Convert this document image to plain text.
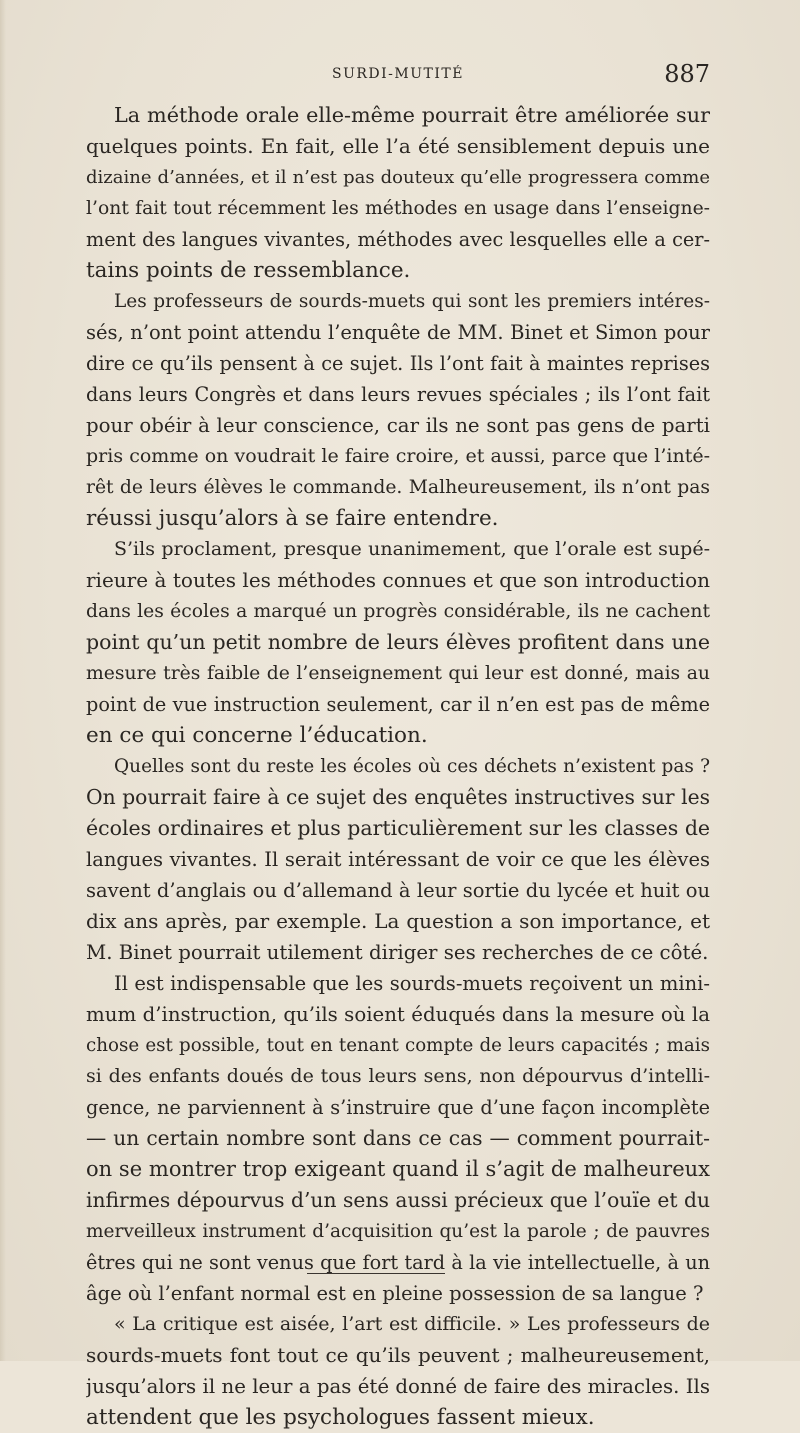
SURDI-MUTITÉ	887
La méthode orale elle-même pourrait être améliorée sur
quelques points. En fait, elle l’a été sensiblement depuis une
dizaine d’années, et il n’est pas douteux qu’elle progressera comme
l’ont fait tout récemment les méthodes en usage dans l’enseigne-
ment des langues vivantes, méthodes avec lesquelles elle a cer-
tains points de ressemblance.
Les professeurs de sourds-muets qui sont les premiers intéres-
sés, n’ont point attendu l’enquête de MM. Binet et Simon pour
dire ce qu’ils pensent à ce sujet. Ils l’ont fait à maintes reprises
dans leurs Congrès et dans leurs revues spéciales ; ils l’ont fait
pour obéir à leur conscience, car ils ne sont pas gens de parti
pris comme on voudrait le faire croire, et aussi, parce que l’inté-
rêt de leurs élèves le commande. Malheureusement, ils n’ont pas
réussi jusqu’alors à se faire entendre.
S’ils proclament, presque unanimement, que l’orale est supé-
rieure à toutes les méthodes connues et que son introduction
dans les écoles a marqué un progrès considérable, ils ne cachent
point qu’un petit nombre de leurs élèves profitent dans une
mesure très faible de l’enseignement qui leur est donné, mais au
point de vue instruction seulement, car il n’en est pas de même
en ce qui concerne l’éducation.
Quelles sont du reste les écoles où ces déchets n’existent pas ?
On pourrait faire à ce sujet des enquêtes instructives sur les
écoles ordinaires et plus particulièrement sur les classes de
langues vivantes. Il serait intéressant de voir ce que les élèves
savent d’anglais ou d’allemand à leur sortie du lycée et huit ou
dix ans après, par exemple. La question a son importance, et
M. Binet pourrait utilement diriger ses recherches de ce côté.
Il est indispensable que les sourds-muets reçoivent un mini-
mum d’instruction, qu’ils soient éduqués dans la mesure où la
chose est possible, tout en tenant compte de leurs capacités ; mais
si des enfants doués de tous leurs sens, non dépourvus d’intelli-
gence, ne parviennent à s’instruire que d’une façon incomplète
— un certain nombre sont dans ce cas — comment pourrait-
on se montrer trop exigeant quand il s’agit de malheureux
infirmes dépourvus d’un sens aussi précieux que l’ouïe et du
merveilleux instrument d’acquisition qu’est la parole ; de pauvres
êtres qui ne sont venus que fort tard à la vie intellectuelle, à un
âge où l’enfant normal est en pleine possession de sa langue ?
« La critique est aisée, l’art est difficile. » Les professeurs de
sourds-muets font tout ce qu’ils peuvent ; malheureusement,
jusqu’alors il ne leur a pas été donné de faire des miracles. Ils
attendent que les psychologues fassent mieux.
